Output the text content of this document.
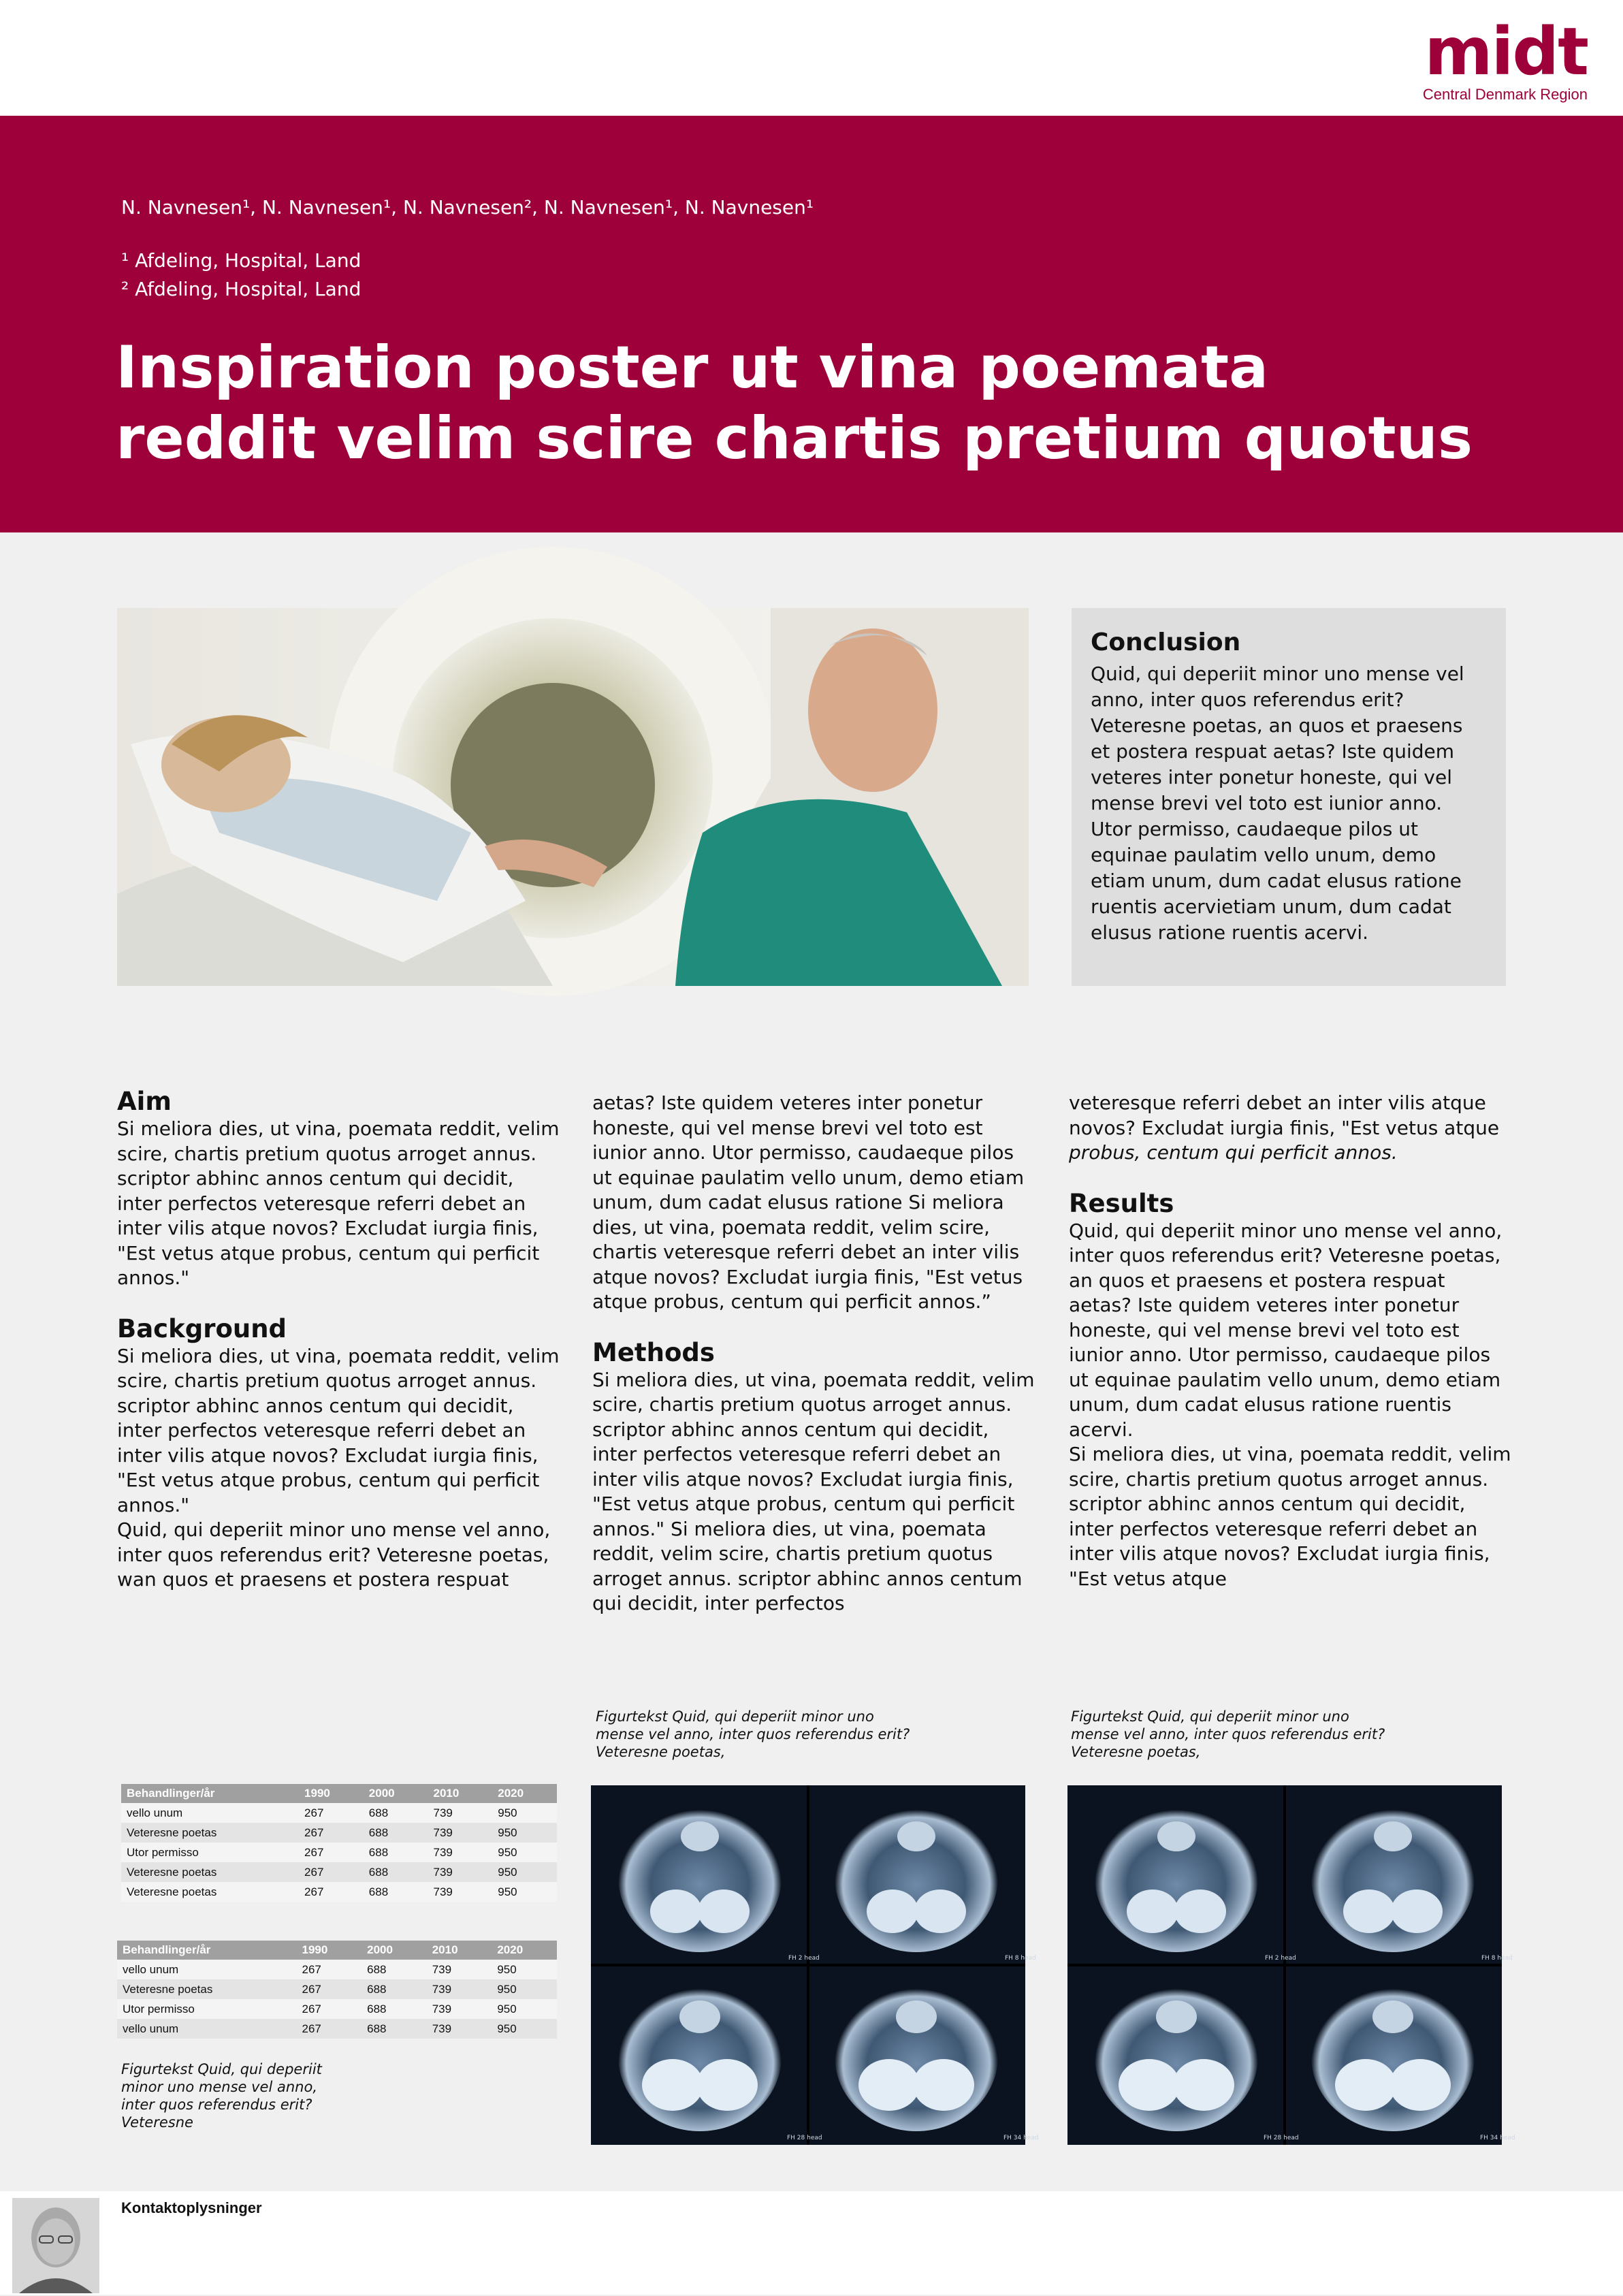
midt
Central Denmark Region
N. Navnesen¹, N. Navnesen¹, N. Navnesen², N. Navnesen¹, N. Navnesen¹
¹ Afdeling, Hospital, Land
² Afdeling, Hospital, Land
Inspiration poster ut vina poemata
reddit velim scire chartis pretium quotus
Conclusion

Quid, qui deperiit minor uno mense vel anno, inter quos referendus erit? Veteresne poetas, an quos et praesens et postera respuat aetas? Iste quidem veteres inter ponetur honeste, qui vel mense brevi vel toto est iunior anno. Utor permisso, caudaeque pilos ut equinae paulatim vello unum, demo etiam unum, dum cadat elusus ratione ruentis acervietiam unum, dum cadat elusus ratione ruentis acervi.

Aim

Si meliora dies, ut vina, poemata reddit, velim scire, chartis pretium quotus arroget annus. scriptor abhinc annos centum qui decidit, inter perfectos veteresque referri debet an inter vilis atque novos? Excludat iurgia finis, "Est vetus atque probus, centum qui perficit annos."

Background

Si meliora dies, ut vina, poemata reddit, velim scire, chartis pretium quotus arroget annus. scriptor abhinc annos centum qui decidit, inter perfectos veteresque referri debet an inter vilis atque novos? Excludat iurgia finis, "Est vetus atque probus, centum qui perficit annos."

Quid, qui deperiit minor uno mense vel anno, inter quos referendus erit? Veteresne poetas, wan quos et praesens et postera respuat

aetas? Iste quidem veteres inter ponetur honeste, qui vel mense brevi vel toto est iunior anno. Utor permisso, caudaeque pilos ut equinae paulatim vello unum, demo etiam unum, dum cadat elusus ratione Si meliora dies, ut vina, poemata reddit, velim scire, chartis veteresque referri debet an inter vilis atque novos? Excludat iurgia finis, "Est vetus atque probus, centum qui perficit annos.”

Methods

Si meliora dies, ut vina, poemata reddit, velim scire, chartis pretium quotus arroget annus. scriptor abhinc annos centum qui decidit, inter perfectos veteresque referri debet an inter vilis atque novos? Excludat iurgia finis, "Est vetus atque probus, centum qui perficit annos." Si meliora dies, ut vina, poemata reddit, velim scire, chartis pretium quotus arroget annus. scriptor abhinc annos centum qui decidit, inter perfectos

veteresque referri debet an inter vilis atque novos? Excludat iurgia finis, "Est vetus atque probus, centum qui perficit annos.

Results

Quid, qui deperiit minor uno mense vel anno, inter quos referendus erit? Veteresne poetas, an quos et praesens et postera respuat aetas? Iste quidem veteres inter ponetur honeste, qui vel mense brevi vel toto est iunior anno. Utor permisso, caudaeque pilos ut equinae paulatim vello unum, demo etiam unum, dum cadat elusus ratione ruentis acervi.

Si meliora dies, ut vina, poemata reddit, velim scire, chartis pretium quotus arroget annus. scriptor abhinc annos centum qui decidit, inter perfectos veteresque referri debet an inter vilis atque novos? Excludat iurgia finis, "Est vetus atque

Behandlinger/år	1990	2000	2010	2020
vello unum	267	688	739	950
Veteresne poetas	267	688	739	950
Utor permisso	267	688	739	950
Veteresne poetas	267	688	739	950
Veteresne poetas	267	688	739	950
Behandlinger/år	1990	2000	2010	2020
vello unum	267	688	739	950
Veteresne poetas	267	688	739	950
Utor permisso	267	688	739	950
vello unum	267	688	739	950
Figurtekst Quid, qui deperiit minor uno mense vel anno, inter quos referendus erit? Veteresne
Figurtekst Quid, qui deperiit minor uno mense vel anno, inter quos referendus erit? Veteresne poetas,
Figurtekst Quid, qui deperiit minor uno mense vel anno, inter quos referendus erit? Veteresne poetas,
FH 2 head	FH 8 head
FH 28 head	FH 34 head
FH 2 head	FH 8 head
FH 28 head	FH 34 head
Kontaktoplysninger
